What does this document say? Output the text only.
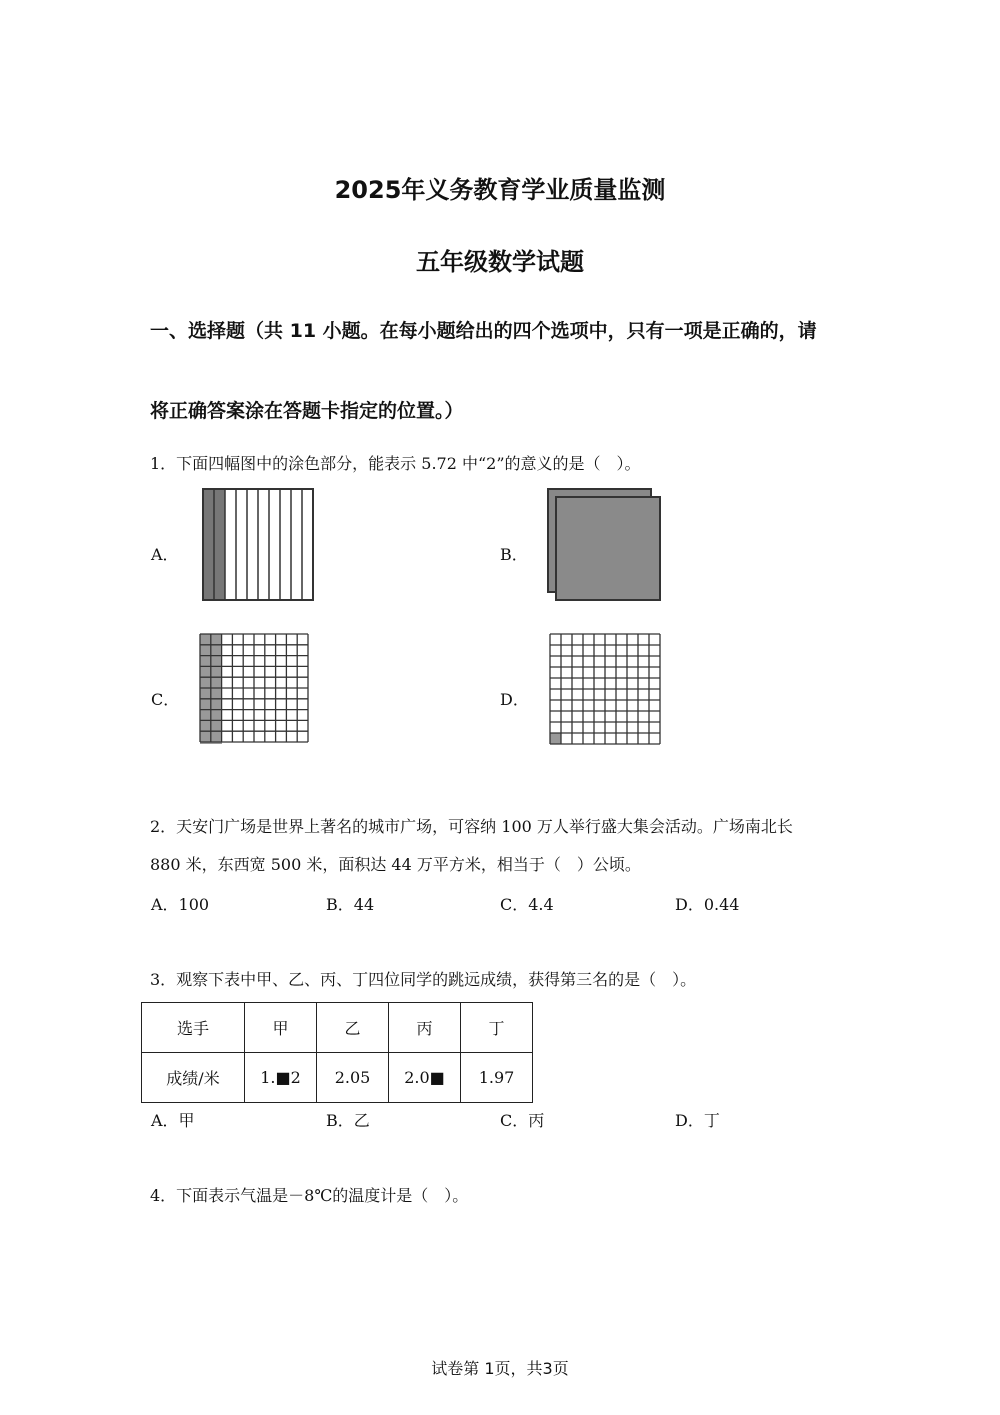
2025年义务教育学业质量监测
五年级数学试题
一、选择题（共 11 小题。在每小题给出的四个选项中，只有一项是正确的，请
将正确答案涂在答题卡指定的位置。）
1．下面四幅图中的涂色部分，能表示 5.72 中“2”的意义的是（　）。
A．	B．
C．	D．
2．天安门广场是世界上著名的城市广场，可容纳 100 万人举行盛大集会活动。广场南北长
880 米，东西宽 500 米，面积达 44 万平方米，相当于（　）公顷。
A．100	B．44	C．4.4	D．0.44
3．观察下表中甲、乙、丙、丁四位同学的跳远成绩，获得第三名的是（　）。
选手	甲	乙	丙	丁
成绩/米	1.■2	2.05	2.0■	1.97
A．甲	B．乙	C．丙	D．丁
4．下面表示气温是－8℃的温度计是（　）。
试卷第 1页，共3页
